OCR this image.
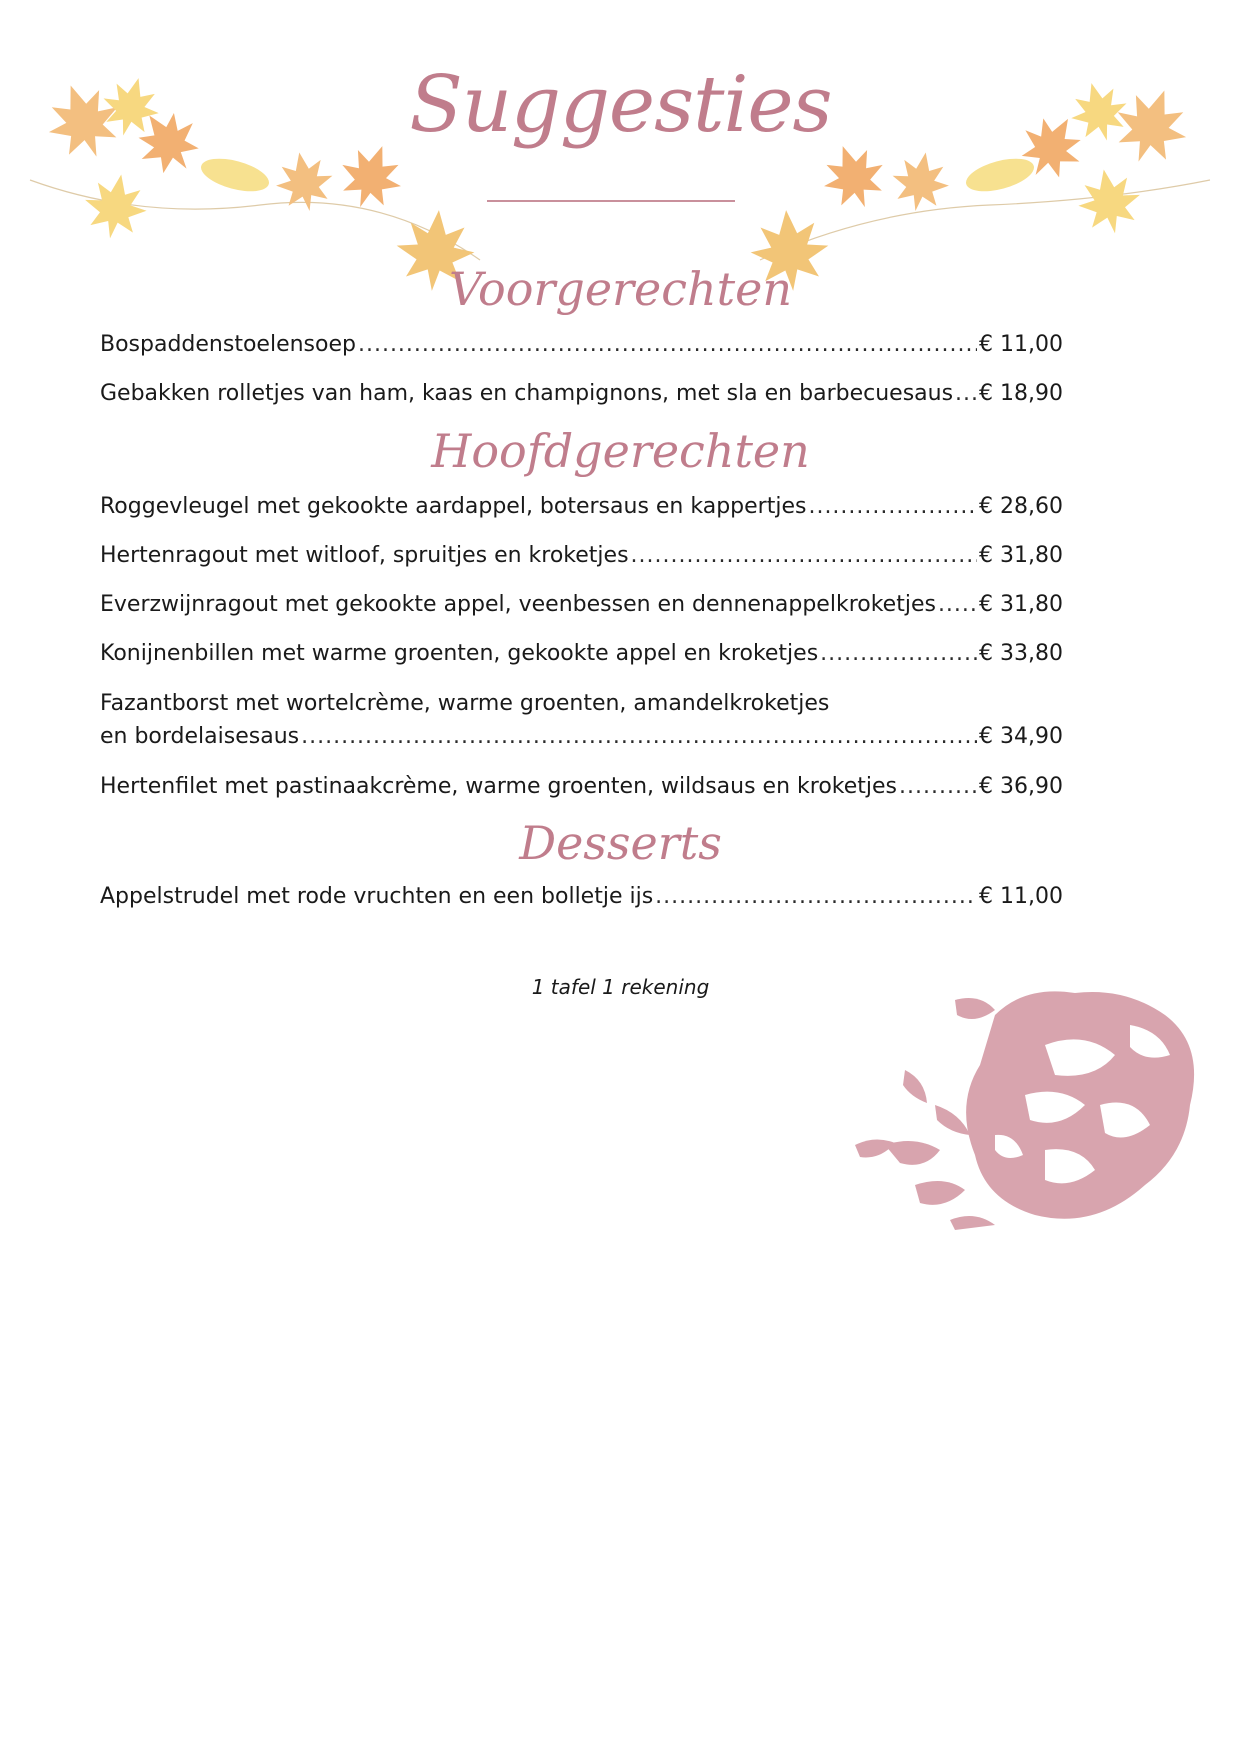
Suggesties
Voorgerechten
Bospaddenstoelensoep .....	€ 11,00
Gebakken rolletjes van ham, kaas en champignons, met sla en barbecuesaus ..... € 18,90
Hoofdgerechten
Roggevleugel met gekookte aardappel, botersaus en kappertjes .....	€ 28,60
Hertenragout met witloof, spruitjes en kroketjes .....	€ 31,80
Everzwijnragout met gekookte appel, veenbessen en dennenappelkroketjes ..... € 31,80
Konijnenbillen met warme groenten, gekookte appel en kroketjes .....	€ 33,80
Fazantborst met wortelcrème, warme groenten, amandelkroketjes
en bordelaisesaus .....	€ 34,90
Hertenfilet met pastinaakcrème, warme groenten, wildsaus en kroketjes .....	€ 36,90
Desserts
Appelstrudel met rode vruchten en een bolletje ijs .....	€ 11,00
1 tafel 1 rekening
